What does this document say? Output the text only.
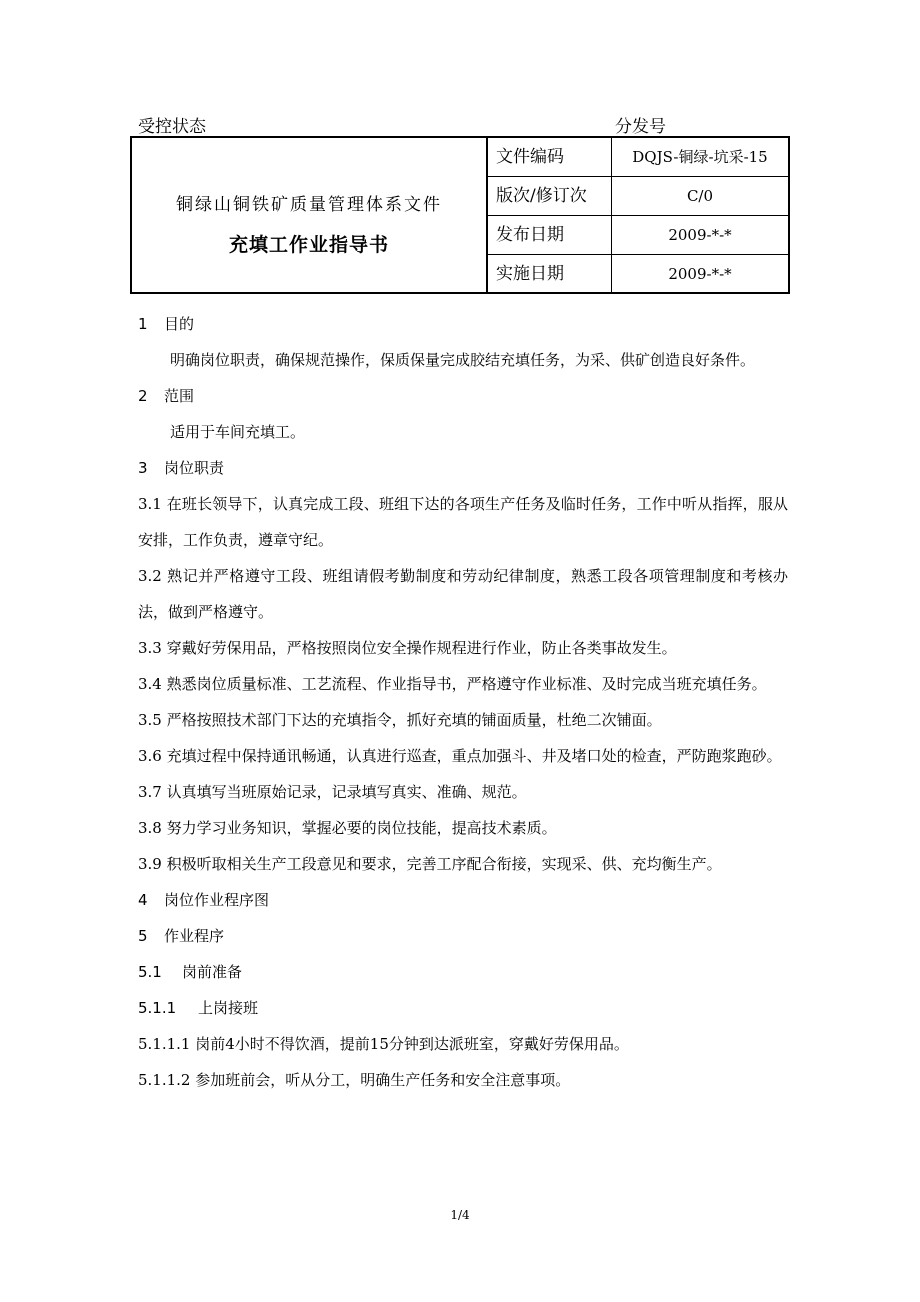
受控状态	分发号
铜绿山铜铁矿质量管理体系文件
充填工作业指导书
文件编码	DQJS-铜绿-坑采-15
版次/修订次	C/0
发布日期	2009-*-*
实施日期	2009-*-*
1 目的
明确岗位职责，确保规范操作，保质保量完成胶结充填任务，为采、供矿创造良好条件。
2 范围
适用于车间充填工。
3 岗位职责
3.1 在班长领导下，认真完成工段、班组下达的各项生产任务及临时任务，工作中听从指挥，服从安排，工作负责，遵章守纪。
3.2 熟记并严格遵守工段、班组请假考勤制度和劳动纪律制度，熟悉工段各项管理制度和考核办法，做到严格遵守。
3.3 穿戴好劳保用品，严格按照岗位安全操作规程进行作业，防止各类事故发生。
3.4 熟悉岗位质量标准、工艺流程、作业指导书，严格遵守作业标准、及时完成当班充填任务。
3.5 严格按照技术部门下达的充填指令，抓好充填的铺面质量，杜绝二次铺面。
3.6 充填过程中保持通讯畅通，认真进行巡查，重点加强斗、井及堵口处的检查，严防跑浆跑砂。
3.7 认真填写当班原始记录，记录填写真实、准确、规范。
3.8 努力学习业务知识，掌握必要的岗位技能，提高技术素质。
3.9 积极听取相关生产工段意见和要求，完善工序配合衔接，实现采、供、充均衡生产。
4 岗位作业程序图
5 作业程序
5.1 岗前准备
5.1.1 上岗接班
5.1.1.1 岗前4小时不得饮酒，提前15分钟到达派班室，穿戴好劳保用品。
5.1.1.2 参加班前会，听从分工，明确生产任务和安全注意事项。
1/4
